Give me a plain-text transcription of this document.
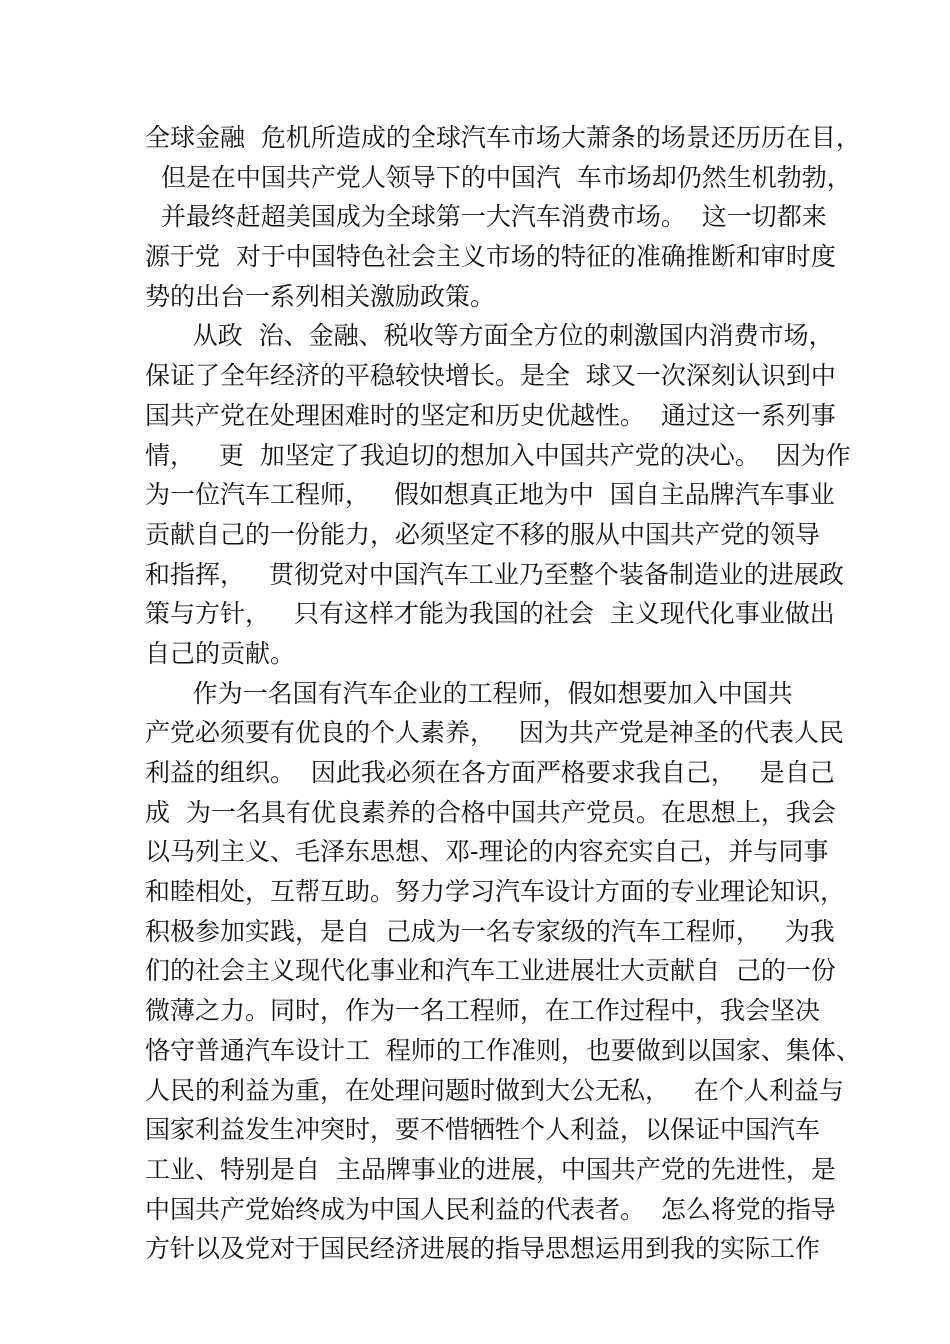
全球金融  危机所造成的全球汽车市场大萧条的场景还历历在目，
但是在中国共产党人领导下的中国汽  车市场却仍然生机勃勃，
并最终赶超美国成为全球第一大汽车消费市场。  这一切都来
源于党  对于中国特色社会主义市场的特征的准确推断和审时度
势的出台一系列相关激励政策。
从政  治、金融、税收等方面全方位的刺激国内消费市场，
保证了全年经济的平稳较快增长。是全  球又一次深刻认识到中
国共产党在处理困难时的坚定和历史优越性。  通过这一系列事
情，   更  加坚定了我迫切的想加入中国共产党的决心。  因为作
为一位汽车工程师，   假如想真正地为中  国自主品牌汽车事业
贡献自己的一份能力，必须坚定不移的服从中国共产党的领导
和指挥，   贯彻党对中国汽车工业乃至整个装备制造业的进展政
策与方针，   只有这样才能为我国的社会  主义现代化事业做出
自己的贡献。
作为一名国有汽车企业的工程师，假如想要加入中国共
产党必须要有优良的个人素养，   因为共产党是神圣的代表人民
利益的组织。  因此我必须在各方面严格要求我自己，   是自己
成  为一名具有优良素养的合格中国共产党员。在思想上，我会
以马列主义、毛泽东思想、邓-理论的内容充实自己，并与同事
和睦相处，互帮互助。努力学习汽车设计方面的专业理论知识，
积极参加实践，是自  己成为一名专家级的汽车工程师，   为我
们的社会主义现代化事业和汽车工业进展壮大贡献自  己的一份
微薄之力。同时，作为一名工程师，在工作过程中，我会坚决
恪守普通汽车设计工  程师的工作准则，也要做到以国家、集体、
人民的利益为重，在处理问题时做到大公无私，   在个人利益与
国家利益发生冲突时，要不惜牺牲个人利益，以保证中国汽车
工业、特别是自  主品牌事业的进展，中国共产党的先进性，是
中国共产党始终成为中国人民利益的代表者。  怎么将党的指导
方针以及党对于国民经济进展的指导思想运用到我的实际工作
